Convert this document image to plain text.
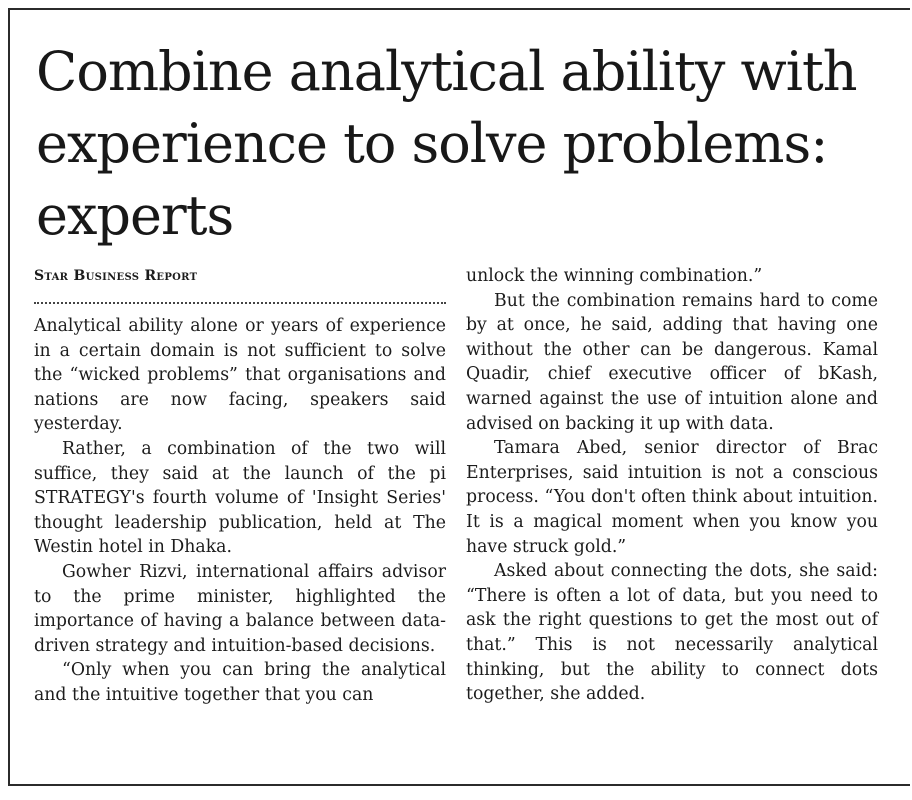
Combine analytical ability with experience to solve problems: experts
Star Business Report

Analytical ability alone or years of experience in a certain domain is not sufficient to solve the “wicked problems” that organisations and nations are now facing, speakers said yesterday.

Rather, a combination of the two will suffice, they said at the launch of the pi STRATEGY's fourth volume of 'Insight Series' thought leadership publication, held at The Westin hotel in Dhaka.

Gowher Rizvi, international affairs advisor to the prime minister, highlighted the importance of having a balance between data-driven strategy and intuition-based decisions.

“Only when you can bring the analytical and the intuitive together that you can

unlock the winning combination.”

But the combination remains hard to come by at once, he said, adding that having one without the other can be dangerous. Kamal Quadir, chief executive officer of bKash, warned against the use of intuition alone and advised on backing it up with data.

Tamara Abed, senior director of Brac Enterprises, said intuition is not a conscious process. “You don't often think about intuition. It is a magical moment when you know you have struck gold.”

Asked about connecting the dots, she said: “There is often a lot of data, but you need to ask the right questions to get the most out of that.” This is not necessarily analytical thinking, but the ability to connect dots together, she added.
